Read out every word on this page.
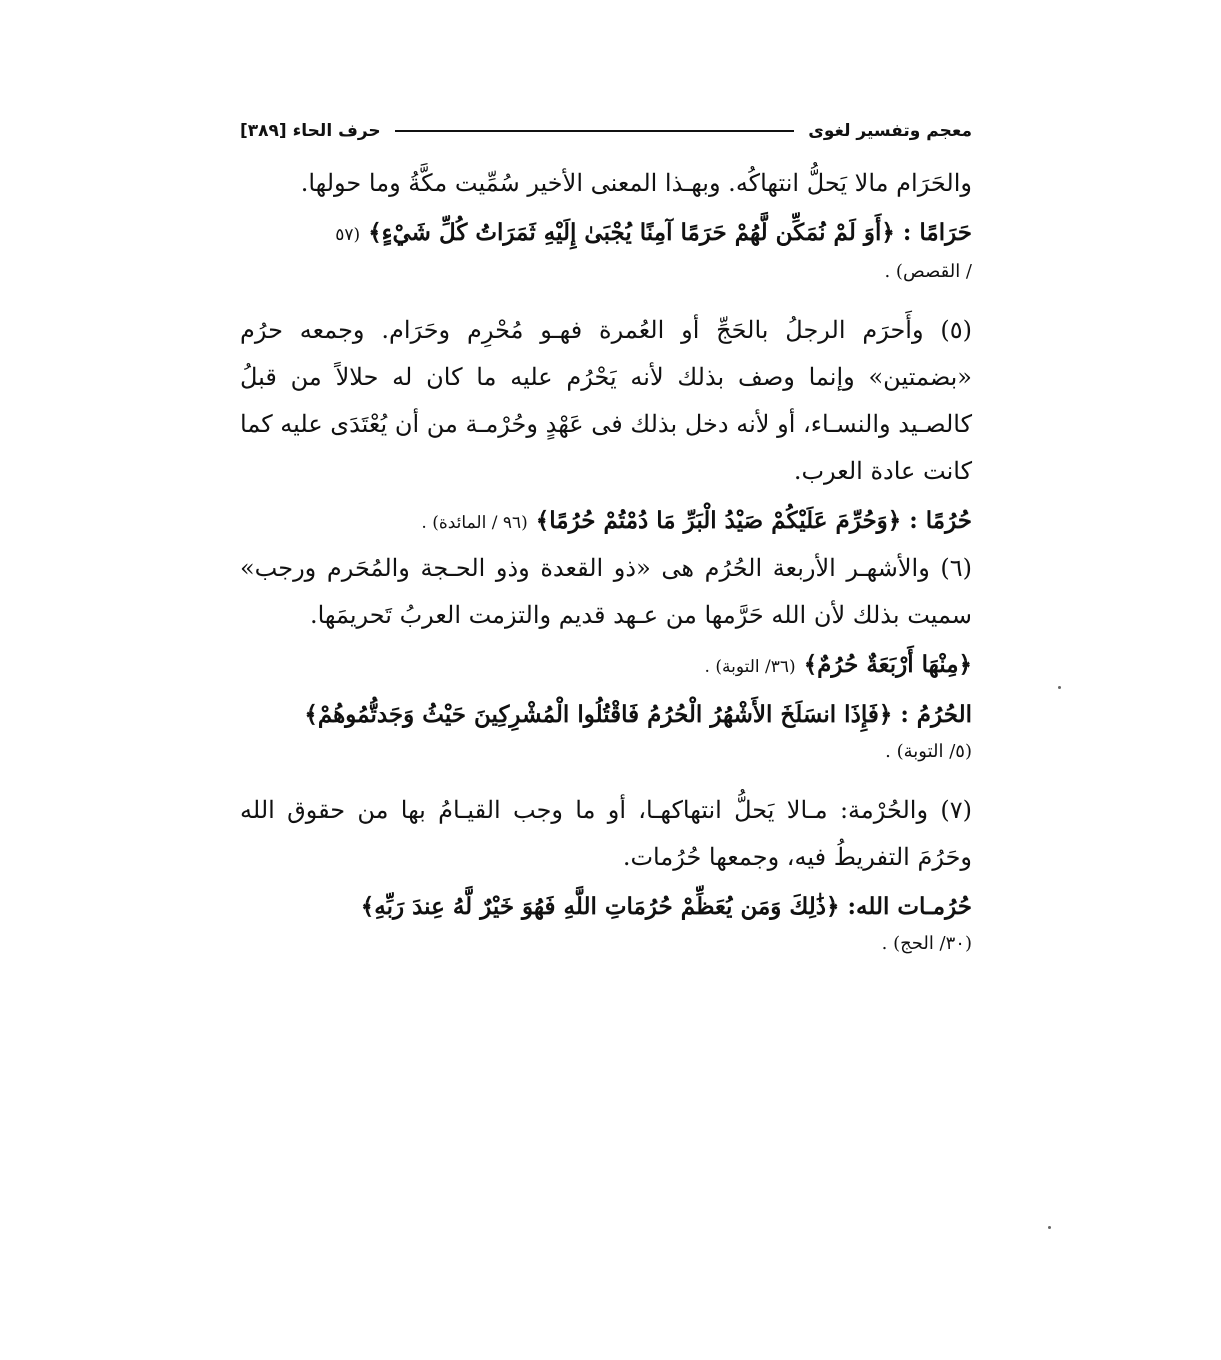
معجم وتفسير لغوى
حرف الحاء [٣٨٩]

والحَرَام مالا يَحلُّ انتهاكُه. وبهـذا المعنى الأخير سُمِّيت مكَّةُ وما حولها.

حَرَامًا : ﴿أَوَ لَمْ نُمَكِّن لَّهُمْ حَرَمًا آمِنًا يُجْبَىٰ إِلَيْهِ ثَمَرَاتُ كُلِّ شَيْءٍ﴾ (٥٧

/ القصص) .

(٥) وأَحرَم الرجلُ بالحَجِّ أو العُمرة فهـو مُحْرِم وحَرَام. وجمعه حرُم «بضمتين» وإنما وصف بذلك لأنه يَحْرُم عليه ما كان له حلالاً من قبلُ كالصـيد والنسـاء، أو لأنه دخل بذلك فى عَهْدٍ وحُرْمـة من أن يُعْتَدَى عليه كما كانت عادة العرب.

حُرُمًا : ﴿وَحُرِّمَ عَلَيْكُمْ صَيْدُ الْبَرِّ مَا دُمْتُمْ حُرُمًا﴾ (٩٦ / المائدة) .

(٦) والأشهـر الأربعة الحُرُم هى «ذو القعدة وذو الحـجة والمُحَرم ورجب» سميت بذلك لأن الله حَرَّمها من عـهد قديم والتزمت العربُ تَحريمَها.

﴿مِنْهَا أَرْبَعَةٌ حُرُمٌ﴾ (٣٦/ التوبة) .

الحُرُمُ : ﴿فَإِذَا انسَلَخَ الأَشْهُرُ الْحُرُمُ فَاقْتُلُوا الْمُشْرِكِينَ حَيْثُ وَجَدتُّمُوهُمْ﴾

(٥/ التوبة) .

(٧) والحُرْمة: مـالا يَحلُّ انتهاكهـا، أو ما وجب القيـامُ بها من حقوق الله وحَرُمَ التفريطُ فيه، وجمعها حُرُمات.

حُرُمـات الله: ﴿ذَٰلِكَ وَمَن يُعَظِّمْ حُرُمَاتِ اللَّهِ فَهُوَ خَيْرٌ لَّهُ عِندَ رَبِّهِ﴾

(٣٠/ الحج) .
